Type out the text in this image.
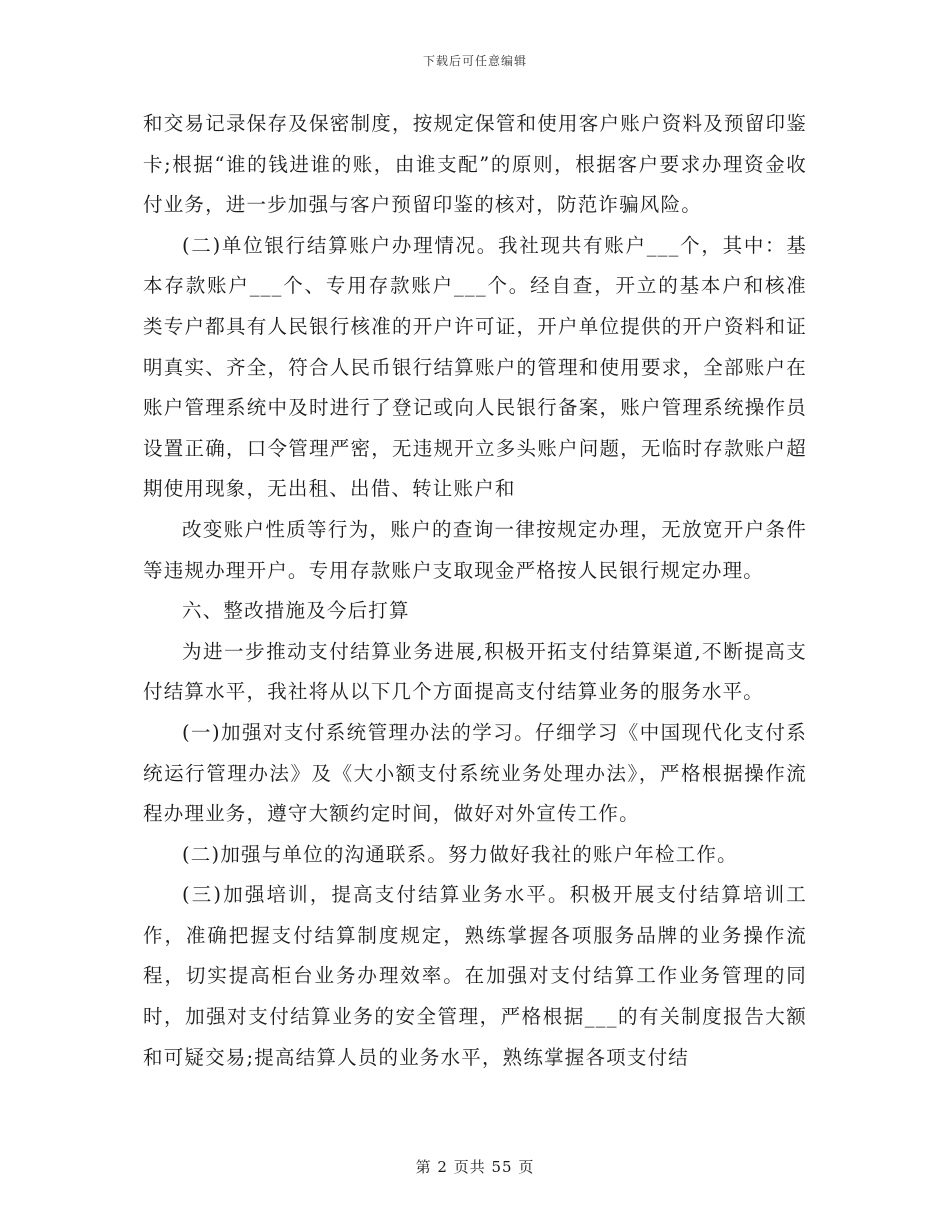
下载后可任意编辑

和交易记录保存及保密制度，按规定保管和使用客户账户资料及预留印鉴卡;根据“谁的钱进谁的账，由谁支配”的原则，根据客户要求办理资金收付业务，进一步加强与客户预留印鉴的核对，防范诈骗风险。

(二)单位银行结算账户办理情况。我社现共有账户___个，其中：基本存款账户___个、专用存款账户___个。经自查，开立的基本户和核准类专户都具有人民银行核准的开户许可证，开户单位提供的开户资料和证明真实、齐全，符合人民币银行结算账户的管理和使用要求，全部账户在账户管理系统中及时进行了登记或向人民银行备案，账户管理系统操作员设置正确，口令管理严密，无违规开立多头账户问题，无临时存款账户超期使用现象，无出租、出借、转让账户和

改变账户性质等行为，账户的查询一律按规定办理，无放宽开户条件等违规办理开户。专用存款账户支取现金严格按人民银行规定办理。

六、整改措施及今后打算

为进一步推动支付结算业务进展,积极开拓支付结算渠道,不断提高支付结算水平，我社将从以下几个方面提高支付结算业务的服务水平。

(一)加强对支付系统管理办法的学习。仔细学习《中国现代化支付系统运行管理办法》及《大小额支付系统业务处理办法》，严格根据操作流程办理业务，遵守大额约定时间，做好对外宣传工作。

(二)加强与单位的沟通联系。努力做好我社的账户年检工作。

(三)加强培训，提高支付结算业务水平。积极开展支付结算培训工作，准确把握支付结算制度规定，熟练掌握各项服务品牌的业务操作流程，切实提高柜台业务办理效率。在加强对支付结算工作业务管理的同时，加强对支付结算业务的安全管理，严格根据___的有关制度报告大额和可疑交易;提高结算人员的业务水平，熟练掌握各项支付结

第 2 页共 55 页
